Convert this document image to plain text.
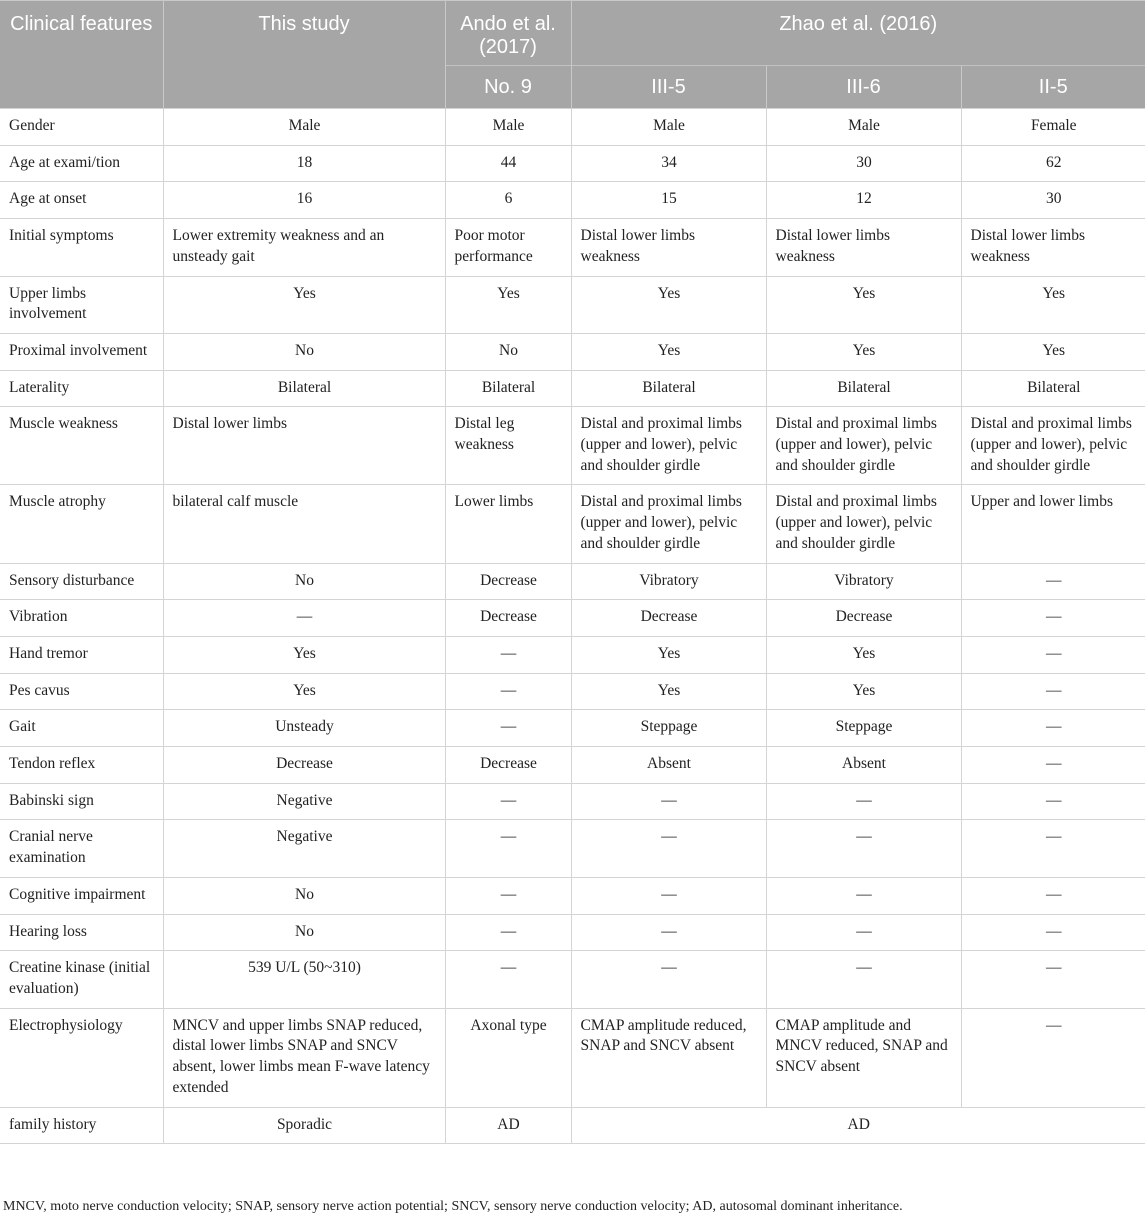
Clinical features	This study	Ando et al. (2017)	Zhao et al. (2016)		
		No. 9	III-5	III-6	II-5
Gender	Male	Male	Male	Male	Female
Age at exami/tion	18	44	34	30	62
Age at onset	16	6	15	12	30
Initial symptoms	Lower extremity weakness and an unsteady gait	Poor motor performance	Distal lower limbs weakness	Distal lower limbs weakness	Distal lower limbs weakness
Upper limbs involvement	Yes	Yes	Yes	Yes	Yes
Proximal involvement	No	No	Yes	Yes	Yes
Laterality	Bilateral	Bilateral	Bilateral	Bilateral	Bilateral
Muscle weakness	Distal lower limbs	Distal leg weakness	Distal and proximal limbs (upper and lower), pelvic and shoulder girdle	Distal and proximal limbs (upper and lower), pelvic and shoulder girdle	Distal and proximal limbs (upper and lower), pelvic and shoulder girdle
Muscle atrophy	bilateral calf muscle	Lower limbs	Distal and proximal limbs (upper and lower), pelvic and shoulder girdle	Distal and proximal limbs (upper and lower), pelvic and shoulder girdle	Upper and lower limbs
Sensory disturbance	No	Decrease	Vibratory	Vibratory	—
Vibration	—	Decrease	Decrease	Decrease	—
Hand tremor	Yes	—	Yes	Yes	—
Pes cavus	Yes	—	Yes	Yes	—
Gait	Unsteady	—	Steppage	Steppage	—
Tendon reflex	Decrease	Decrease	Absent	Absent	—
Babinski sign	Negative	—	—	—	—
Cranial nerve examination	Negative	—	—	—	—
Cognitive impairment	No	—	—	—	—
Hearing loss	No	—	—	—	—
Creatine kinase (initial evaluation)	539 U/L (50~310)	—	—	—	—
Electrophysiology	MNCV and upper limbs SNAP reduced, distal lower limbs SNAP and SNCV absent, lower limbs mean F-wave latency extended	Axonal type	CMAP amplitude reduced, SNAP and SNCV absent	CMAP amplitude and MNCV reduced, SNAP and SNCV absent	—
family history	Sporadic	AD	AD		
MNCV, moto nerve conduction velocity; SNAP, sensory nerve action potential; SNCV, sensory nerve conduction velocity; AD, autosomal dominant inheritance.
